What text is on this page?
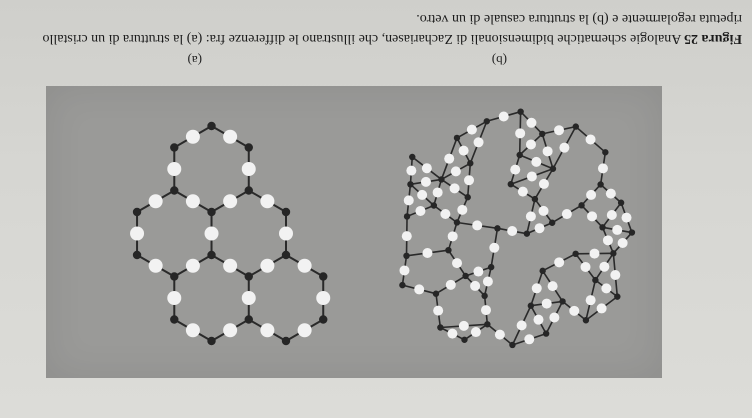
(b)
(a)
Figura 25 Analogie schematiche bidimensionali di Zachariasen, che illustrano le differenze fra: (a) la struttura di un cristallo ripetuta regolarmente e (b) la struttura casuale di un vetro.
